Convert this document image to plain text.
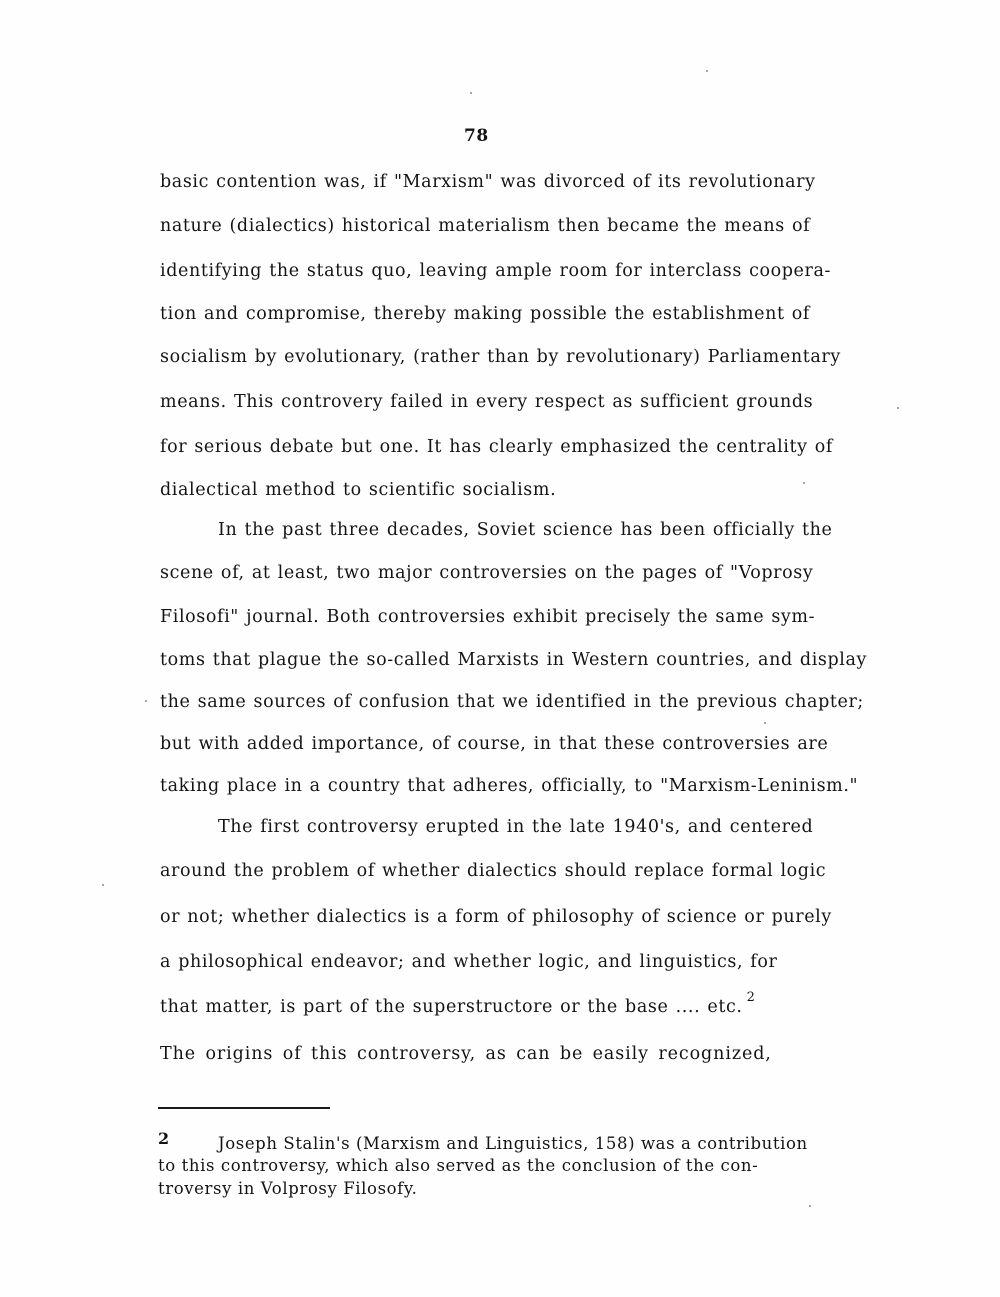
78
basic contention was, if "Marxism" was divorced of its revolutionary
nature (dialectics) historical materialism then became the means of
identifying the status quo, leaving ample room for interclass coopera-
tion and compromise, thereby making possible the establishment of
socialism by evolutionary, (rather than by revolutionary) Parliamentary
means. This controvery failed in every respect as sufficient grounds
for serious debate but one. It has clearly emphasized the centrality of
dialectical method to scientific socialism.
In the past three decades, Soviet science has been officially the
scene of, at least, two major controversies on the pages of "Voprosy
Filosofi" journal. Both controversies exhibit precisely the same sym-
toms that plague the so-called Marxists in Western countries, and display
the same sources of confusion that we identified in the previous chapter;
but with added importance, of course, in that these controversies are
taking place in a country that adheres, officially, to "Marxism-Leninism."
The first controversy erupted in the late 1940's, and centered
around the problem of whether dialectics should replace formal logic
or not; whether dialectics is a form of philosophy of science or purely
a philosophical endeavor; and whether logic, and linguistics, for
that matter, is part of the superstructore or the base .... etc. $^2$
The origins of this controversy, as can be easily recognized,
2	Joseph Stalin's (Marxism and Linguistics, 158) was a contribution
to this controversy, which also served as the conclusion of the con-
troversy in Volprosy Filosofy.
